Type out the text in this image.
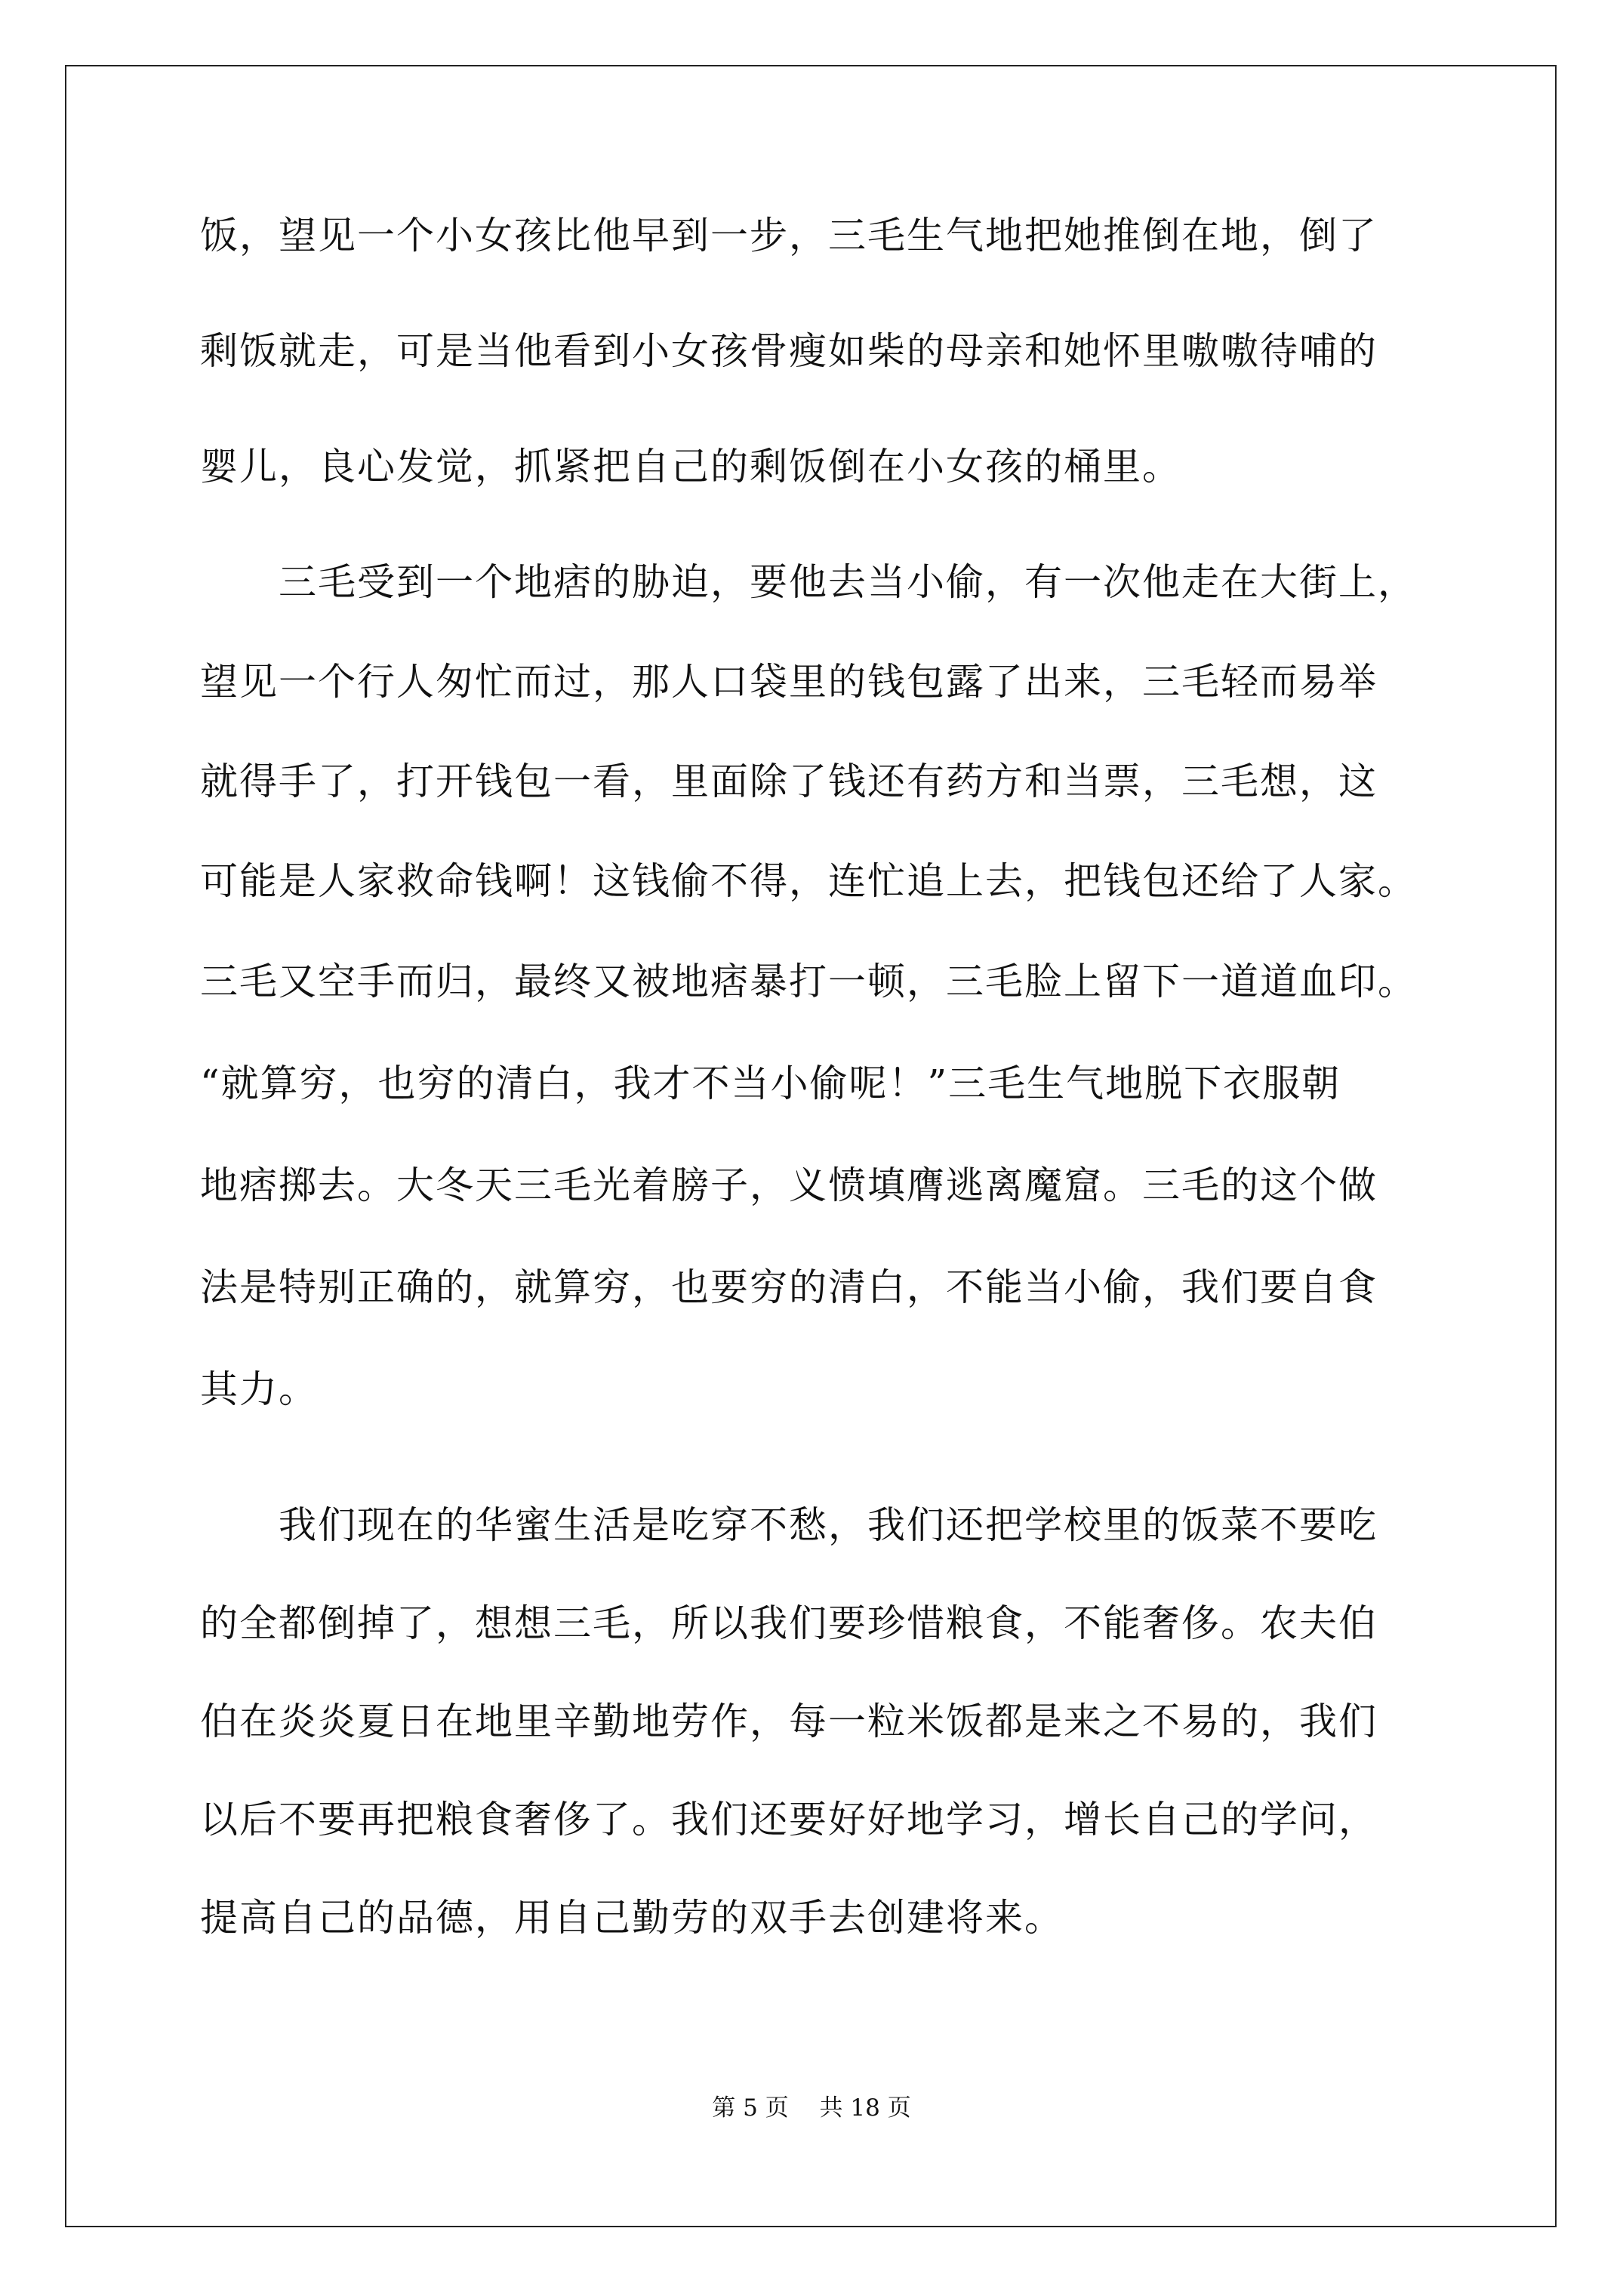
饭，望见一个小女孩比他早到一步，三毛生气地把她推倒在地，倒了

剩饭就走，可是当他看到小女孩骨瘦如柴的母亲和她怀里嗷嗷待哺的

婴儿，良心发觉，抓紧把自己的剩饭倒在小女孩的桶里。

　　三毛受到一个地痞的胁迫，要他去当小偷，有一次他走在大街上，

望见一个行人匆忙而过，那人口袋里的钱包露了出来，三毛轻而易举

就得手了，打开钱包一看，里面除了钱还有药方和当票，三毛想，这

可能是人家救命钱啊！这钱偷不得，连忙追上去，把钱包还给了人家。

三毛又空手而归，最终又被地痞暴打一顿，三毛脸上留下一道道血印。

“就算穷，也穷的清白，我才不当小偷呢！”三毛生气地脱下衣服朝

地痞掷去。大冬天三毛光着膀子，义愤填膺逃离魔窟。三毛的这个做

法是特别正确的，就算穷，也要穷的清白，不能当小偷，我们要自食

其力。

　　我们现在的华蜜生活是吃穿不愁，我们还把学校里的饭菜不要吃

的全都倒掉了，想想三毛，所以我们要珍惜粮食，不能奢侈。农夫伯

伯在炎炎夏日在地里辛勤地劳作，每一粒米饭都是来之不易的，我们

以后不要再把粮食奢侈了。我们还要好好地学习，增长自己的学问，

提高自己的品德，用自己勤劳的双手去创建将来。

第 5 页　 共 18 页
